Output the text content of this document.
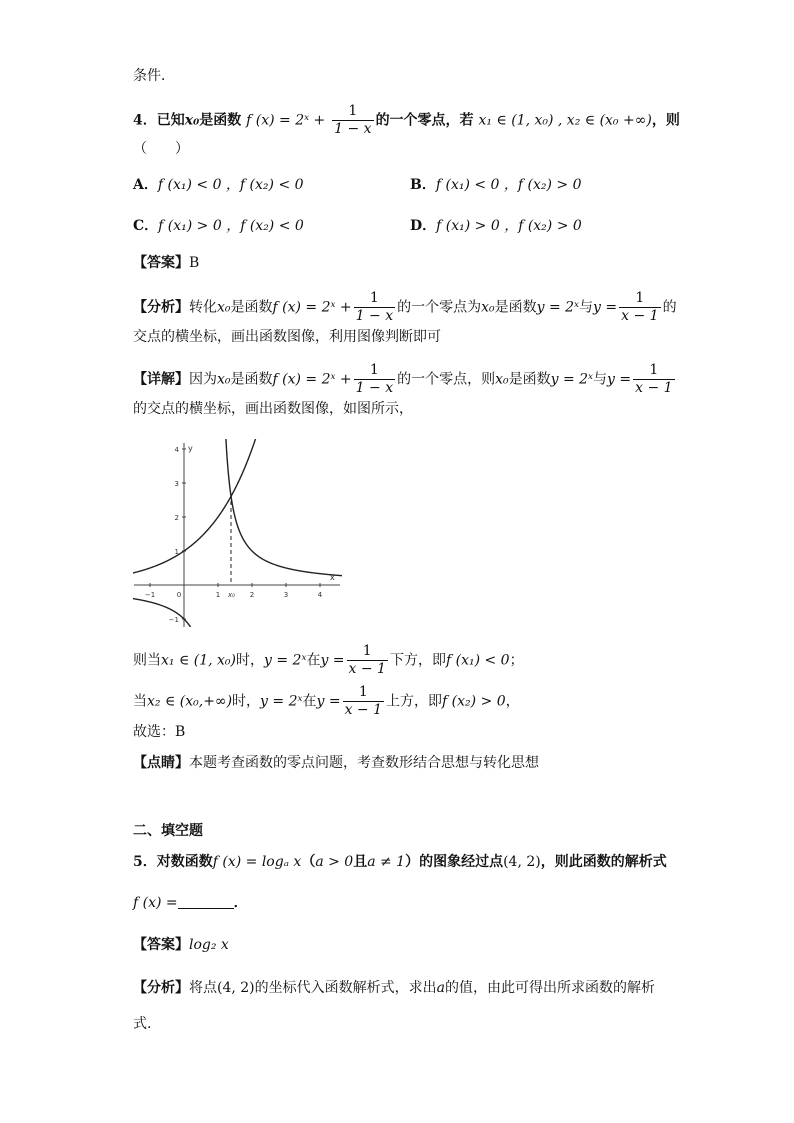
条件．
4．已知x₀是函数 f (x) = 2ˣ + $\frac{1}{1 - x}$ 的一个零点，若 x₁ ∈ (1, x₀) , x₂ ∈ (x₀ +∞)，则
（　　）
A．f (x₁) < 0 ，f (x₂) < 0	B．f (x₁) < 0 ，f (x₂) > 0
C．f (x₁) > 0 ，f (x₂) < 0	D．f (x₁) > 0 ，f (x₂) > 0
【答案】B
【分析】转化x₀是函数f (x) = 2ˣ + $\frac{1}{1 - x}$ 的一个零点为x₀是函数y = 2ˣ与$y = \frac{1}{x - 1}$ 的
交点的横坐标，画出函数图像，利用图像判断即可
【详解】因为x₀是函数f (x) = 2ˣ + $\frac{1}{1 - x}$ 的一个零点，则x₀是函数y = 2ˣ与$y = \frac{1}{x - 1}$
的交点的横坐标，画出函数图像，如图所示，
−1	0	1	2	3	4
4
3
2
1
−1
y
x
x₀
则当x₁ ∈ (1, x₀)时，y = 2ˣ在$y = \frac{1}{x - 1}$ 下方，即f (x₁) < 0；
当x₂ ∈ (x₀,+∞)时，y = 2ˣ在$y = \frac{1}{x - 1}$ 上方，即f (x₂) > 0，
故选：B
【点睛】本题考查函数的零点问题，考查数形结合思想与转化思想
二、填空题
5．对数函数f (x) = logₐ x（a > 0且a ≠ 1）的图象经过点(4, 2)，则此函数的解析式
f (x) =	．
【答案】log₂ x
【分析】将点(4, 2)的坐标代入函数解析式，求出a的值，由此可得出所求函数的解析
式.
